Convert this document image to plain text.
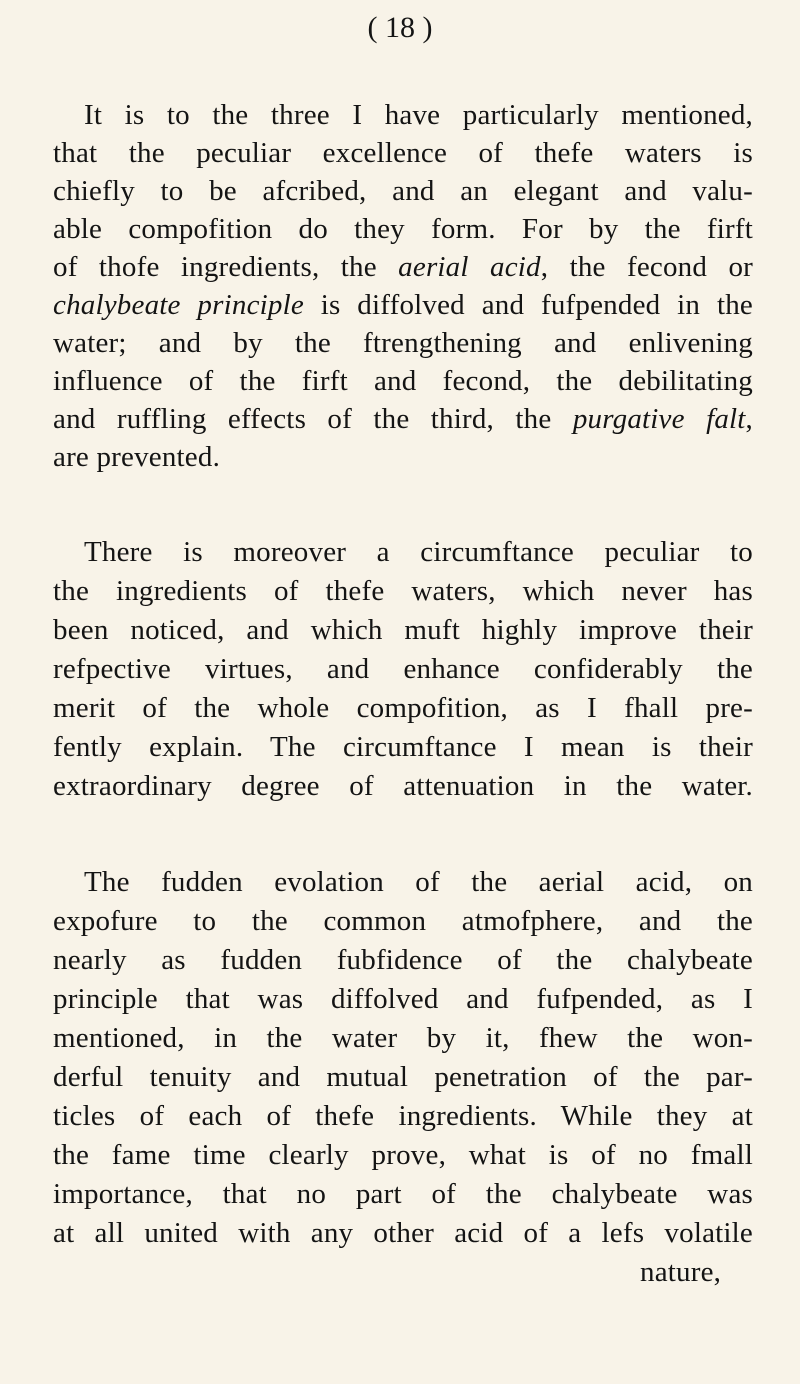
( 18 )
It is to the three I have particularly mentioned,
that the peculiar excellence of thefe waters is
chiefly to be afcribed, and an elegant and valu-
able compofition do they form. For by the firft
of thofe ingredients, the aerial acid, the fecond or
chalybeate principle is diffolved and fufpended in the
water; and by the ftrengthening and enlivening
influence of the firft and fecond, the debilitating
and ruffling effects of the third, the purgative falt,
are prevented.
There is moreover a circumftance peculiar to
the ingredients of thefe waters, which never has
been noticed, and which muft highly improve their
refpective virtues, and enhance confiderably the
merit of the whole compofition, as I fhall pre-
fently explain. The circumftance I mean is their
extraordinary degree of attenuation in the water.
The fudden evolation of the aerial acid, on
expofure to the common atmofphere, and the
nearly as fudden fubfidence of the chalybeate
principle that was diffolved and fufpended, as I
mentioned, in the water by it, fhew the won-
derful tenuity and mutual penetration of the par-
ticles of each of thefe ingredients. While they at
the fame time clearly prove, what is of no fmall
importance, that no part of the chalybeate was
at all united with any other acid of a lefs volatile
nature,
